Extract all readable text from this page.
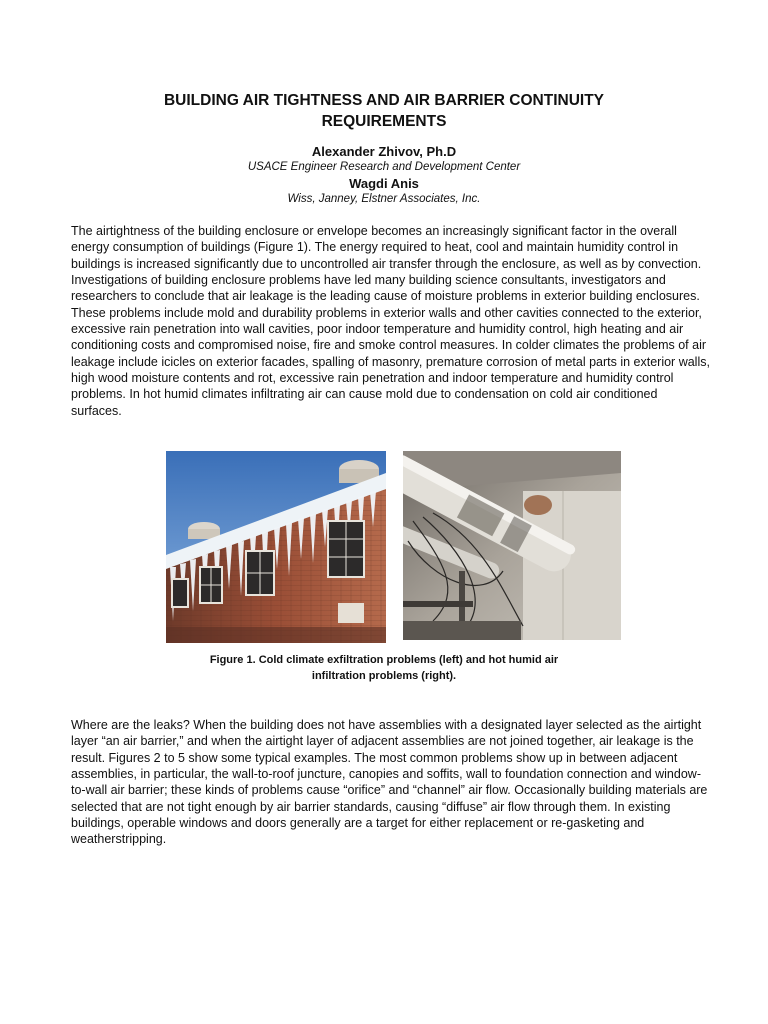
BUILDING AIR TIGHTNESS AND AIR BARRIER CONTINUITY
REQUIREMENTS
Alexander Zhivov, Ph.D
USACE Engineer Research and Development Center
Wagdi Anis
Wiss, Janney, Elstner Associates, Inc.

The airtightness of the building enclosure or envelope becomes an increasingly significant factor in the overall energy consumption of buildings (Figure 1). The energy required to heat, cool and maintain humidity control in buildings is increased significantly due to uncontrolled air transfer through the enclosure, as well as by convection. Investigations of building enclosure problems have led many building science consultants, investigators and researchers to conclude that air leakage is the leading cause of moisture problems in exterior building enclosures. These problems include mold and durability problems in exterior walls and other cavities connected to the exterior, excessive rain penetration into wall cavities, poor indoor temperature and humidity control, high heating and air conditioning costs and compromised noise, fire and smoke control measures. In colder climates the problems of air leakage include icicles on exterior facades, spalling of masonry, premature corrosion of metal parts in exterior walls, high wood moisture contents and rot, excessive rain penetration and indoor temperature and humidity control problems. In hot humid climates infiltrating air can cause mold due to condensation on cold air conditioned surfaces.

Figure 1. Cold climate exfiltration problems (left) and hot humid air
infiltration problems (right).

Where are the leaks? When the building does not have assemblies with a designated layer selected as the airtight layer “an air barrier,” and when the airtight layer of adjacent assemblies are not joined together, air leakage is the result. Figures 2 to 5 show some typical examples. The most common problems show up in between adjacent assemblies, in particular, the wall-to-roof juncture, canopies and soffits, wall to foundation connection and window-to-wall air barrier; these kinds of problems cause “orifice” and “channel” air flow. Occasionally building materials are selected that are not tight enough by air barrier standards, causing “diffuse” air flow through them. In existing buildings, operable windows and doors generally are a target for either replacement or re-gasketing and weatherstripping.
